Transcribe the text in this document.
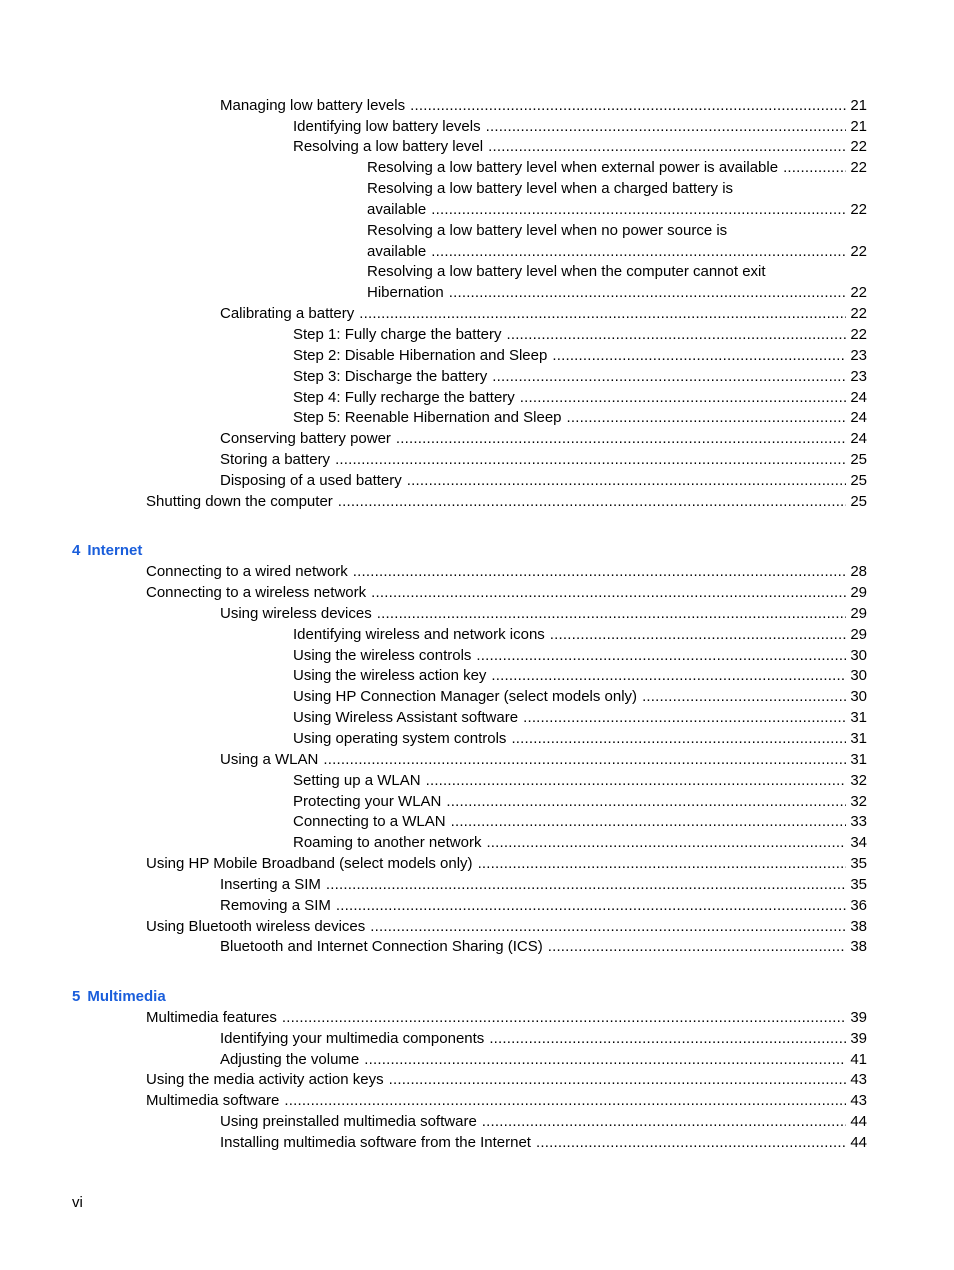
Managing low battery levels .....	21
Identifying low battery levels .....	21
Resolving a low battery level .....	22
Resolving a low battery level when external power is available .....	22
Resolving a low battery level when a charged battery is
available .....	22
Resolving a low battery level when no power source is
available .....	22
Resolving a low battery level when the computer cannot exit
Hibernation .....	22
Calibrating a battery .....	22
Step 1: Fully charge the battery .....	22
Step 2: Disable Hibernation and Sleep .....	23
Step 3: Discharge the battery .....	23
Step 4: Fully recharge the battery .....	24
Step 5: Reenable Hibernation and Sleep .....	24
Conserving battery power .....	24
Storing a battery .....	25
Disposing of a used battery .....	25
Shutting down the computer .....	25
4 Internet
Connecting to a wired network .....	28
Connecting to a wireless network .....	29
Using wireless devices .....	29
Identifying wireless and network icons .....	29
Using the wireless controls .....	30
Using the wireless action key .....	30
Using HP Connection Manager (select models only) .....	30
Using Wireless Assistant software .....	31
Using operating system controls .....	31
Using a WLAN .....	31
Setting up a WLAN .....	32
Protecting your WLAN .....	32
Connecting to a WLAN .....	33
Roaming to another network .....	34
Using HP Mobile Broadband (select models only) .....	35
Inserting a SIM .....	35
Removing a SIM .....	36
Using Bluetooth wireless devices .....	38
Bluetooth and Internet Connection Sharing (ICS) .....	38
5 Multimedia
Multimedia features .....	39
Identifying your multimedia components .....	39
Adjusting the volume .....	41
Using the media activity action keys .....	43
Multimedia software .....	43
Using preinstalled multimedia software .....	44
Installing multimedia software from the Internet .....	44
vi
